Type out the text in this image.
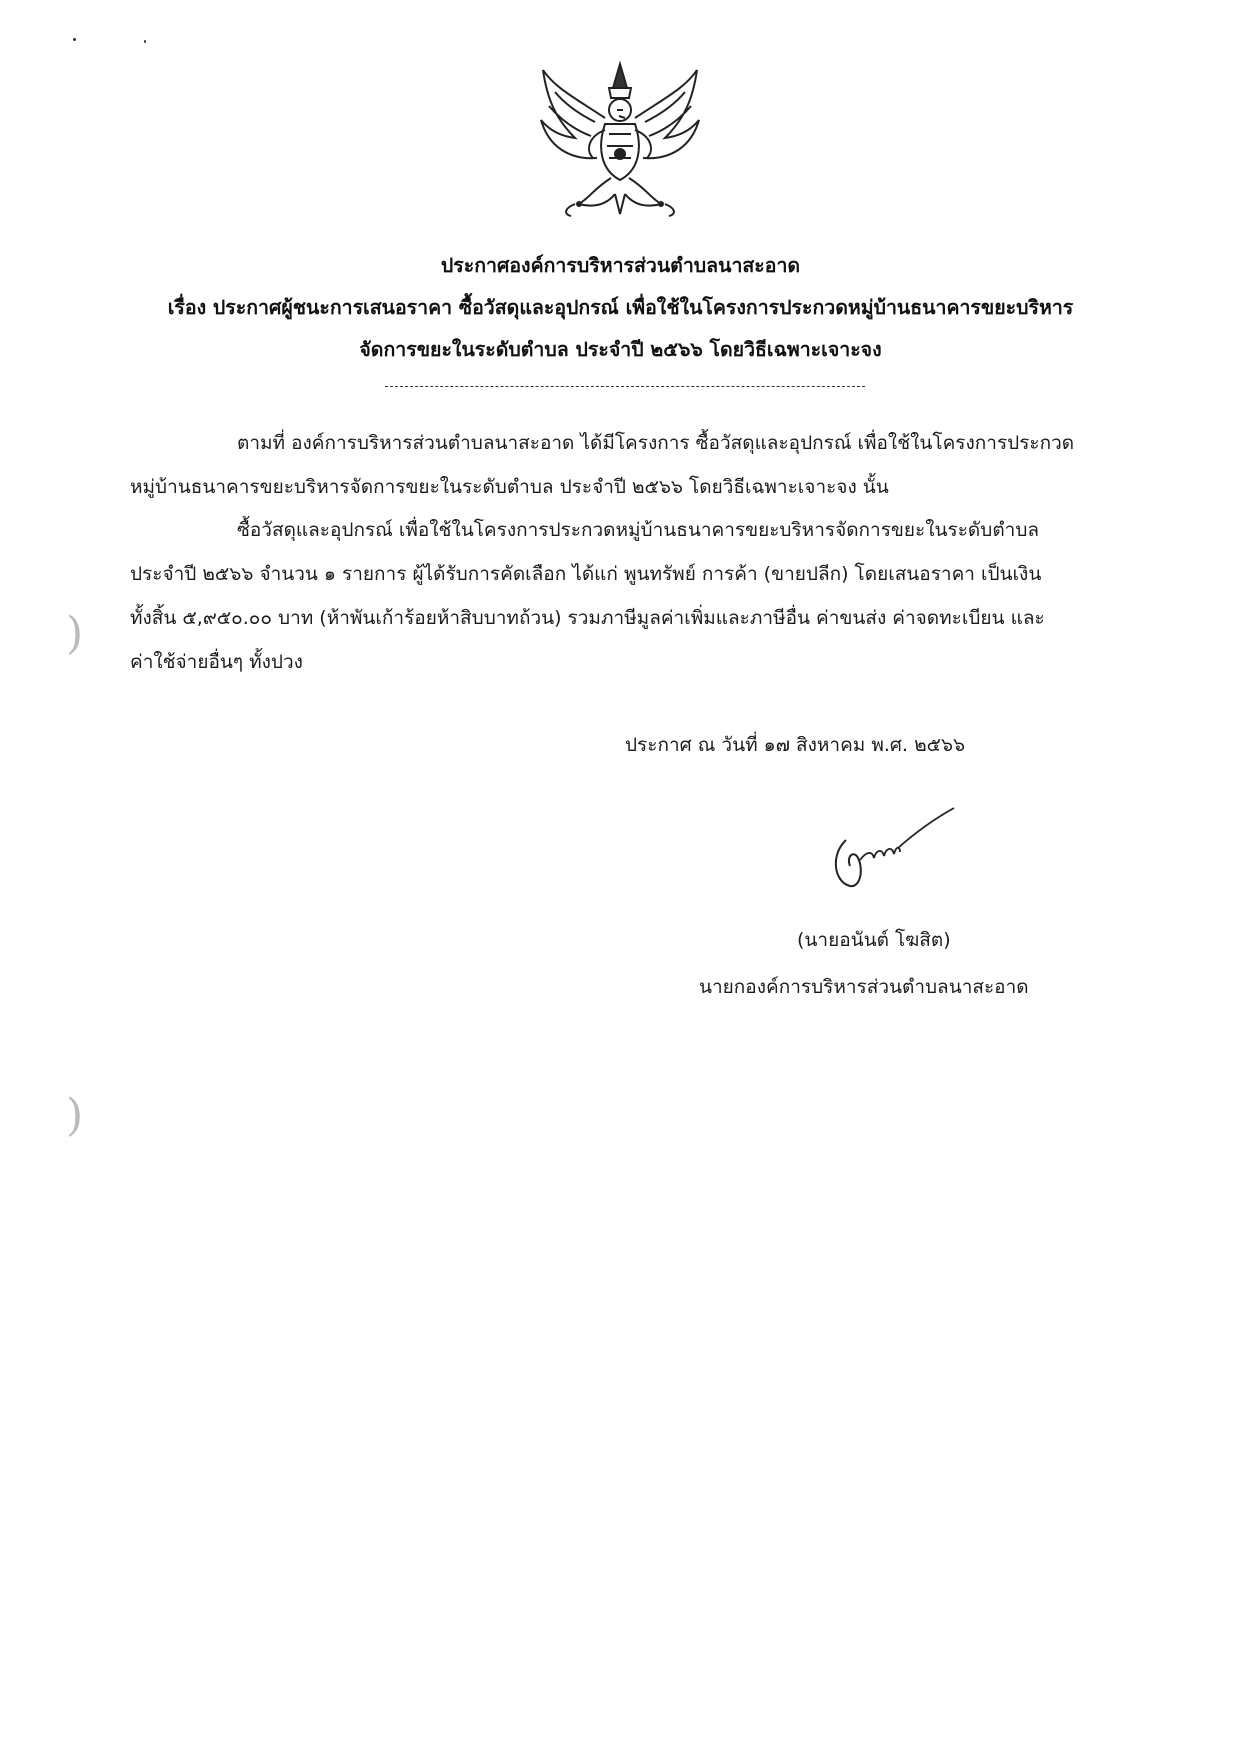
)
)
ประกาศองค์การบริหารส่วนตำบลนาสะอาด
เรื่อง ประกาศผู้ชนะการเสนอราคา ซื้อวัสดุและอุปกรณ์ เพื่อใช้ในโครงการประกวดหมู่บ้านธนาคารขยะบริหาร
จัดการขยะในระดับตำบล ประจำปี ๒๕๖๖ โดยวิธีเฉพาะเจาะจง
ตามที่ องค์การบริหารส่วนตำบลนาสะอาด ได้มีโครงการ ซื้อวัสดุและอุปกรณ์ เพื่อใช้ในโครงการประกวด
หมู่บ้านธนาคารขยะบริหารจัดการขยะในระดับตำบล ประจำปี ๒๕๖๖ โดยวิธีเฉพาะเจาะจง นั้น
ซื้อวัสดุและอุปกรณ์ เพื่อใช้ในโครงการประกวดหมู่บ้านธนาคารขยะบริหารจัดการขยะในระดับตำบล
ประจำปี ๒๕๖๖ จำนวน ๑ รายการ ผู้ได้รับการคัดเลือก ได้แก่ พูนทรัพย์ การค้า (ขายปลีก) โดยเสนอราคา เป็นเงิน
ทั้งสิ้น ๕,๙๕๐.๐๐ บาท (ห้าพันเก้าร้อยห้าสิบบาทถ้วน) รวมภาษีมูลค่าเพิ่มและภาษีอื่น ค่าขนส่ง ค่าจดทะเบียน และ
ค่าใช้จ่ายอื่นๆ ทั้งปวง
ประกาศ ณ วันที่ ๑๗ สิงหาคม พ.ศ. ๒๕๖๖
(นายอนันต์ โฆสิต)
นายกองค์การบริหารส่วนตำบลนาสะอาด
